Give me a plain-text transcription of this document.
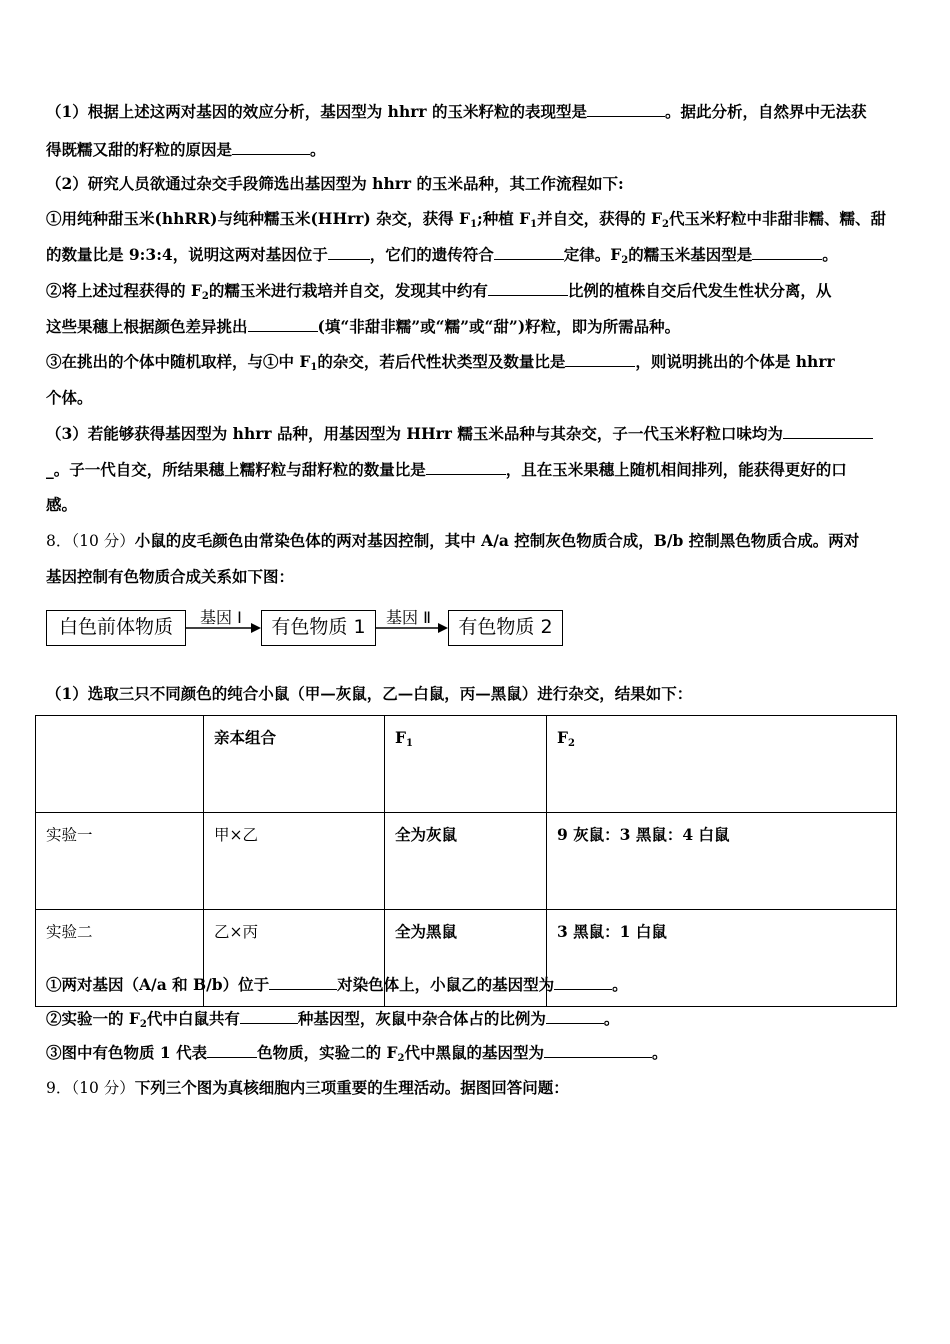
（1）根据上述这两对基因的效应分析，基因型为 hhrr 的玉米籽粒的表现型是	。据此分析，自然界中无法获
得既糯又甜的籽粒的原因是	。
（2）研究人员欲通过杂交手段筛选出基因型为 hhrr 的玉米品种，其工作流程如下:
①用纯种甜玉米(hhRR)与纯种糯玉米(HHrr) 杂交，获得 $F_1$;种植 $F_1$并自交，获得的 $F_2$代玉米籽粒中非甜非糯、糯、甜
的数量比是 9:3:4，说明这两对基因位于	，它们的遗传符合	定律。$F_2$的糯玉米基因型是	。
②将上述过程获得的 $F_2$的糯玉米进行栽培并自交，发现其中约有	比例的植株自交后代发生性状分离，从
这些果穗上根据颜色差异挑出	(填“非甜非糯”或“糯”或“甜”)籽粒，即为所需品种。
③在挑出的个体中随机取样，与①中 $F_1$的杂交，若后代性状类型及数量比是	，则说明挑出的个体是 hhrr
个体。
（3）若能够获得基因型为 hhrr 品种，用基因型为 HHrr 糯玉米品种与其杂交，子一代玉米籽粒口味均为
_。子一代自交，所结果穗上糯籽粒与甜籽粒的数量比是	，且在玉米果穗上随机相间排列，能获得更好的口
感。
8．（10 分）小鼠的皮毛颜色由常染色体的两对基因控制，其中 A/a 控制灰色物质合成，B/b 控制黑色物质合成。两对
基因控制有色物质合成关系如下图：
白色前体物质	基因 I	有色物质 1	基因 Ⅱ	有色物质 2
（1）选取三只不同颜色的纯合小鼠（甲—灰鼠，乙—白鼠，丙—黑鼠）进行杂交，结果如下：
	亲本组合	$F_1$	$F_2$
实验一	甲×乙	全为灰鼠	9 灰鼠：3 黑鼠：4 白鼠
实验二	乙×丙	全为黑鼠	3 黑鼠：1 白鼠
①两对基因（A/a 和 B/b）位于	对染色体上，小鼠乙的基因型为	。
②实验一的 $F_2$代中白鼠共有	种基因型，灰鼠中杂合体占的比例为	。
③图中有色物质 1 代表	色物质，实验二的 $F_2$代中黑鼠的基因型为	。
9．（10 分）下列三个图为真核细胞内三项重要的生理活动。据图回答问题：
